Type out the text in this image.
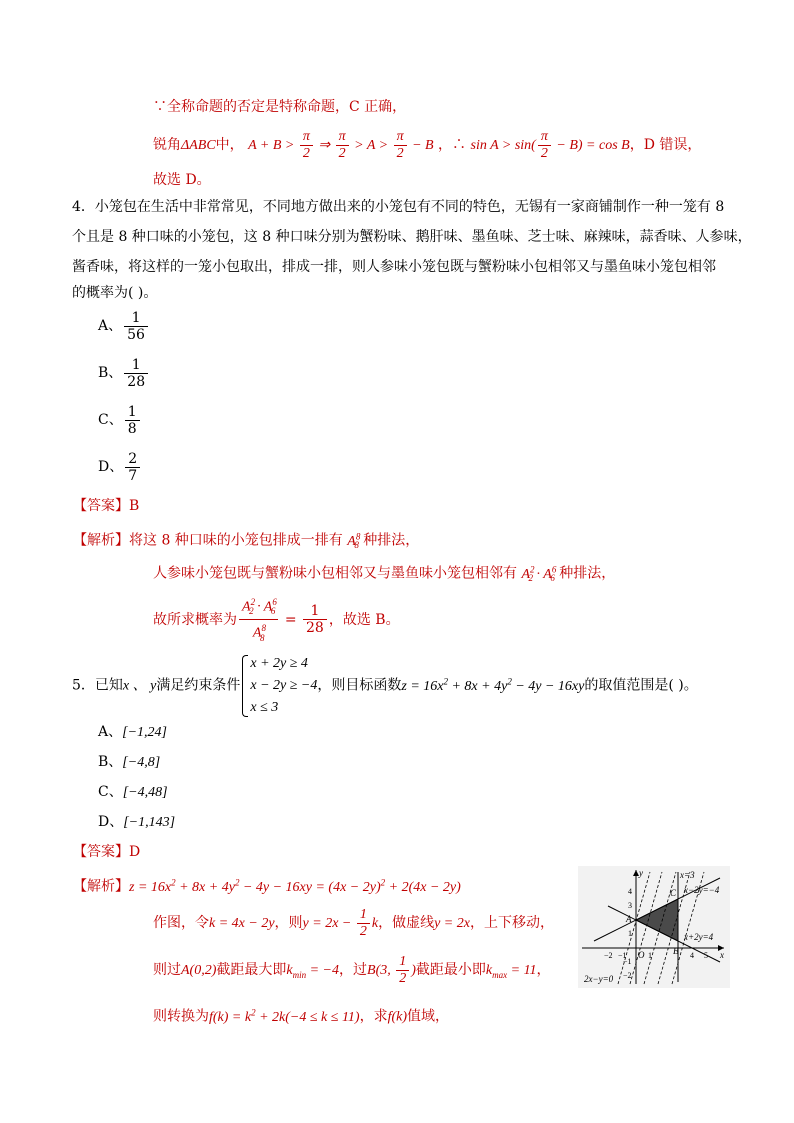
∵全称命题的否定是特称命题，C 正确，
锐角ΔABC中， $A + B > \frac{\pi}{2}$ ⇒ $\frac{\pi}{2} > A > \frac{\pi}{2} - B$ ，∴ $\sin A > \sin( \frac{\pi}{2} - B) = \cos B$，D 错误，
故选 D。
4．小笼包在生活中非常常见，不同地方做出来的小笼包有不同的特色，无锡有一家商铺制作一种一笼有 8
个且是 8 种口味的小笼包，这 8 种口味分别为蟹粉味、鹅肝味、墨鱼味、芝士味、麻辣味，蒜香味、人参味，
酱香味，将这样的一笼小包取出，排成一排，则人参味小笼包既与蟹粉味小包相邻又与墨鱼味小笼包相邻
的概率为( )。
A、 $\frac{1}{56}$
B、 $\frac{1}{28}$
C、 $\frac{1}{8}$
D、 $\frac{2}{7}$
【答案】B
【解析】将这 8 种口味的小笼包排成一排有 $A^8_8$ 种排法，
人参味小笼包既与蟹粉味小包相邻又与墨鱼味小笼包相邻有 $A^2_2 \cdot A^6_6$ 种排法，
故所求概率为 $\frac{A^2_2 \cdot A^6_6}{A^8_8} = \frac{1}{28}$ ，故选 B。
5．已知x 、 y满足约束条件
x + 2y ≥ 4
x − 2y ≥ −4
x ≤ 3
，则目标函数$z = 16x^2 + 8x + 4y^2 - 4y - 16xy$的取值范围是( )。
A、[−1,24]
B、[−4,8]
C、[−4,48]
D、[−1,143]
【答案】D
【解析】$z = 16x^2 + 8x + 4y^2 - 4y - 16xy = (4x - 2y)^2 + 2(4x - 2y)$
作图，令k = 4x − 2y，则$y = 2x - \frac{1}{2}$ k，做虚线y = 2x，上下移动，
则过A(0,2)截距最大即$k_{min} = -4$，过B(3, $\frac{1}{2}$ )截距最小即$k_{max} = 11$，
则转换为$f(k) = k^2 + 2k(-4 \le k \le 11)$，求f(k)值域，
y
x
O
A
B
C
x=3
x−2y=−4
x+2y=4
2x−y=0
4
3
1
−1
−2
−2 −1	1	4 5
